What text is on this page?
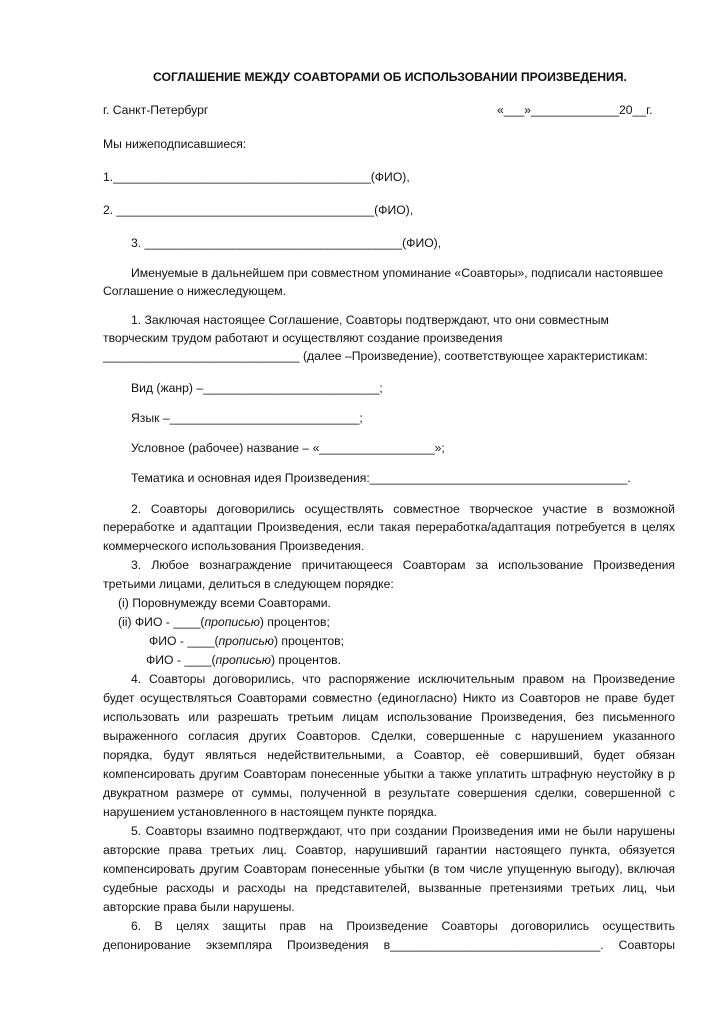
СОГЛАШЕНИЕ МЕЖДУ СОАВТОРАМИ ОБ ИСПОЛЬЗОВАНИИ ПРОИЗВЕДЕНИЯ.
г. Санкт-Петербург	«___»_____________20__г.
Мы нижеподписавшиеся:
1.______________________________________(ФИО),
2. ______________________________________(ФИО),
3. ______________________________________(ФИО),
Именуемые в дальнейшем при совместном упоминание «Соавторы», подписали настоявшее
Соглашение о нижеследующем.
1. Заключая настоящее Соглашение, Соавторы подтверждают, что они совместным
творческим трудом работают и осуществляют создание произведения
_____________________________ (далее –Произведение), соответствующее характеристикам:
Вид (жанр) –__________________________;
Язык –____________________________;
Условное (рабочее) название – «_________________»;
Тематика и основная идея Произведения:______________________________________.
2. Соавторы договорились осуществлять совместное творческое участие в возможной
переработке и адаптации Произведения, если такая переработка/адаптация потребуется в целях
коммерческого использования Произведения.
3. Любое вознаграждение причитающееся Соавторам за использование Произведения
третьими лицами, делиться в следующем порядке:
(i) Поровнумежду всеми Соавторами.
(ii) ФИО - ____(прописью) процентов;
ФИО - ____(прописью) процентов;
ФИО - ____(прописью) процентов.
4. Соавторы договорились, что распоряжение исключительным правом на Произведение
будет осуществляться Соавторами совместно (единогласно) Никто из Соавторов не праве будет
использовать или разрешать третьим лицам использование Произведения, без письменного
выраженного согласия других Соавторов. Сделки, совершенные с нарушением указанного
порядка, будут являться недействительными, а Соавтор, её совершивший, будет обязан
компенсировать другим Соавторам понесенные убытки а также уплатить штрафную неустойку в р
двукратном размере от суммы, полученной в результате совершения сделки, совершенной с
нарушением установленного в настоящем пункте порядка.
5. Соавторы взаимно подтверждают, что при создании Произведения ими не были нарушены
авторские права третьих лиц. Соавтор, нарушивший гарантии настоящего пункта, обязуется
компенсировать другим Соавторам понесенные убытки (в том числе упущенную выгоду), включая
судебные расходы и расходы на представителей, вызванные претензиями третьих лиц, чьи
авторские права были нарушены.
6. В целях защиты прав на Произведение Соавторы договорились осуществить
депонирование экземпляра Произведения в_______________________________. Соавторы
